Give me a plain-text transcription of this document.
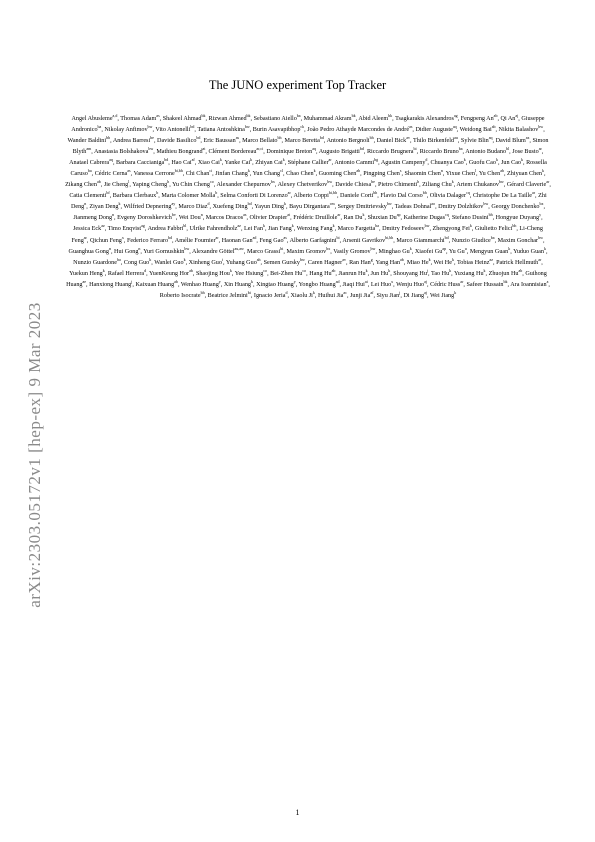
arXiv:2303.05172v1 [hep-ex] 9 Mar 2023
The JUNO experiment Top Tracker
Angel Abusleme$^{a,d}$, Thomas Adam$^{as}$, Shakeel Ahmad$^{bk}$, Rizwan Ahmed$^{bk}$, Sebastiano Aiello$^{ba}$, Muhammad Akram$^{bk}$, Abid Aleem$^{bk}$, Tsagkarakis Alexandros$^{ag}$, Fengpeng $An^{ab}$, Qi $An^{aj}$, Giuseppe Andronico$^{ba}$, Nikolay Anfimov$^{bw}$, Vito Antonelli$^{bd}$, Tatiana Antoshkina$^{bw}$, Burin Asavapibhop$^{ck}$, João Pedro Athayde Marcondes de André$^{as}$, Didier Auguste$^{aq}$, Weidong Bai$^{ab}$, Nikita Balashov$^{bw}$, Wander Baldini$^{bb}$, Andrea Barresi$^{be}$, Davide Basilico$^{bd}$, Eric Baussan$^{as}$, Marco Bellato$^{bh}$, Marco Beretta$^{bd}$, Antonio Bergnoli$^{bh}$, Daniel Bick$^{av}$, Thilo Birkenfeld$^{au}$, Sylvie Blin$^{aq}$, David Blum$^{az}$, Simon Blyth$^{am}$, Anastasia Bolshakova$^{bw}$, Mathieu Bongrand$^{at}$, Clément Bordereau$^{ar,ci}$, Dominique Breton$^{aq}$, Augusto Brigatti$^{bd}$, Riccardo Brugnera$^{bi}$, Riccardo Bruno$^{ba}$, Antonio Budano$^{bl}$, Jose Busto$^{ar}$, Anatael Cabrera$^{aq}$, Barbara Caccianiga$^{bd}$, Hao Cai$^{af}$, Xiao Cai$^k$, Yanke Cai$^k$, Zhiyan Cai$^k$, Stéphane Callier$^{ar}$, Antonio Cammi$^{bg}$, Agustin Campeny$^d$, Chuanya Cao$^k$, Guofu Cao$^k$, Jun Cao$^k$, Rossella Caruso$^{ba}$, Cédric Cerna$^{as}$, Vanessa Cerrone$^{bi,bh}$, Chi Chan$^{ci}$, Jinfan Chang$^k$, Yun Chang$^{cl}$, Chao Chen$^k$, Guoming Chen$^{ab}$, Pingping Chen$^s$, Shaomin Chen$^n$, Yixue Chen$^l$, Yu Chen$^{ab}$, Zhiyuan Chen$^k$, Zikang Chen$^{ab}$, Jie Cheng$^l$, Yaping Cheng$^h$, Yu Chin Cheng$^{co}$, Alexander Chepurnov$^{bx}$, Alexey Chetverikov$^{bw}$, Davide Chiesa$^{be}$, Pietro Chimenti$^h$, Ziliang Chu$^k$, Artem Chukanov$^{bw}$, Gérard Claverie$^{ar}$, Catia Clementi$^{bf}$, Barbara Clerbaux$^b$, Marta Colomer Molla$^b$, Selma Conforti Di Lorenzo$^{ar}$, Alberto Coppi$^{bi,bh}$, Daniele Corti$^{bh}$, Flavio Dal Corso$^{bh}$, Olivia Dalager$^{cq}$, Christophe De La Taille$^{ar}$, Zhi Deng$^n$, Ziyan Deng$^k$, Wilfried Depnering$^{ay}$, Marco Diaz$^d$, Xuefeng Ding$^{bd}$, Yayun Ding$^k$, Bayu Dirgantara$^{cm}$, Sergey Dmitrievsky$^{bw}$, Tadeas Dohnal$^{ao}$, Dmitry Dolzhikov$^{bw}$, Georgy Donchenko$^{bx}$, Jianmeng Dong$^n$, Evgeny Doroshkevich$^{bv}$, Wei Dou$^n$, Marcos Dracos$^{as}$, Olivier Drapier$^{at}$, Frédéric Druillole$^{ar}$, Ran Du$^k$, Shuxian $Du^{ap}$, Katherine Dugas$^{cq}$, Stefano Dusini$^{bh}$, Hongyue Duyang$^y$, Jessica Eck$^{az}$, Timo Enqvist$^{ag}$, Andrea Fabbri$^{bl}$, Ulrike Fahrendholz$^{az}$, Lei Fan$^k$, Jian Fang$^k$, Wenxing Fang$^k$, Marco Fargetta$^{ba}$, Dmitry Fedoseev$^{bw}$, Zhengyong Fei$^k$, Giulietto Felici$^{bh}$, Li-Cheng Feng$^{ar}$, Qichun Feng$^x$, Federico Ferraro$^{bd}$, Amélie Fournier$^{ar}$, Haonan Gan$^{ad}$, Feng Gao$^{as}$, Alberto Garfagnini$^{bi}$, Arsenii Gavrikov$^{bi,bh}$, Marco Giammarchi$^{bd}$, Nunzio Giudice$^{ba}$, Maxim Gonchar$^{bw}$, Guanghua Gong$^n$, Hui Gong$^n$, Yuri Gornushkin$^{bw}$, Alexandre Göttel$^{au,aw}$, Marco Grassi$^{bi}$, Maxim Gromov$^{bx}$, Vasily Gromov$^{bw}$, Minghao Gu$^k$, Xiaofei $Gu^{ap}$, Yu Gu$^u$, Mengyun Guan$^k$, Yuduo Guan$^k$, Nunzio Guardone$^{ba}$, Cong Guo$^k$, Wanlei Guo$^k$, Xinheng Guo$^i$, Yuhang Guo$^{ah}$, Semen Gursky$^{bw}$, Caren Hagner$^{av}$, Ran Han$^g$, Yang Han$^{ab}$, Miao He$^k$, Wei He$^k$, Tobias Heinz$^{az}$, Patrick Hellmuth$^{ar}$, Yuekun Heng$^k$, Rafael Herrera$^d$, YuenKeung Hor$^{ab}$, Shaojing Hou$^k$, Yee Hsiung$^{co}$, Bei-Zhen $Hu^{co}$, Hang $Hu^{ab}$, Jianrun Hu$^k$, Jun Hu$^k$, Shouyang Hu$^j$, Tao Hu$^k$, Yuxiang Hu$^k$, Zhuojun $Hu^{ab}$, Guihong Huang$^{ae}$, Hanxiong Huang$^j$, Kaixuan Huang$^{ab}$, Wenhao Huang$^y$, Xin Huang$^k$, Xingtao Huang$^y$, Yongbo Huang$^{ad}$, Jiaqi Hui$^{ai}$, Lei Huo$^x$, Wenju Huo$^{aj}$, Cédric Huss$^{ar}$, Safeer Hussain$^{bk}$, Ara Ioannisian$^a$, Roberto Isocrate$^{bh}$, Beatrice Jelmini$^{bi}$, Ignacio Jeria$^d$, Xiaolu Ji$^k$, Huihui Jia$^{ac}$, Junji Jia$^{af}$, Siyu Jian$^j$, Di Jiang$^{aj}$, Wei Jiang$^k$
1
